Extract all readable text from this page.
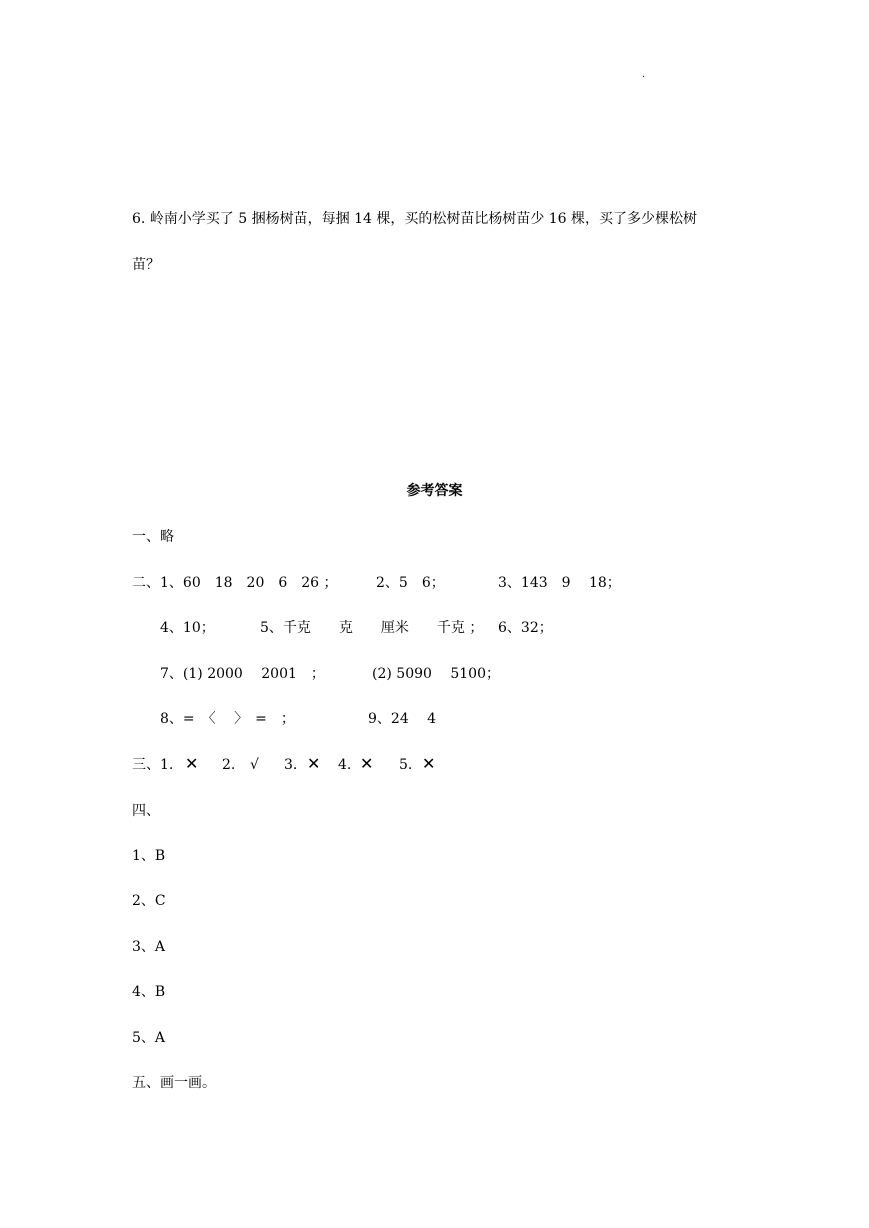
.
6. 岭南小学买了 5 捆杨树苗，每捆 14 棵，买的松树苗比杨树苗少 16 棵，买了多少棵松树
苗？
参考答案
一、略
二、1、60　18　20　6　26 ；	2、5　6；	3、143　9　 18；
4、10；	5、千克　　克　　厘米　　千克 ； 6、32；
7、(1) 2000　 2001　；	(2) 5090　 5100；
8、=　〈　 〉　=　；	9、24　 4
三、 1. ✕ 2. √ 3. ✕ 4. ✕ 5. ✕
四、
1、B
2、C
3、A
4、B
5、A
五、画一画。
